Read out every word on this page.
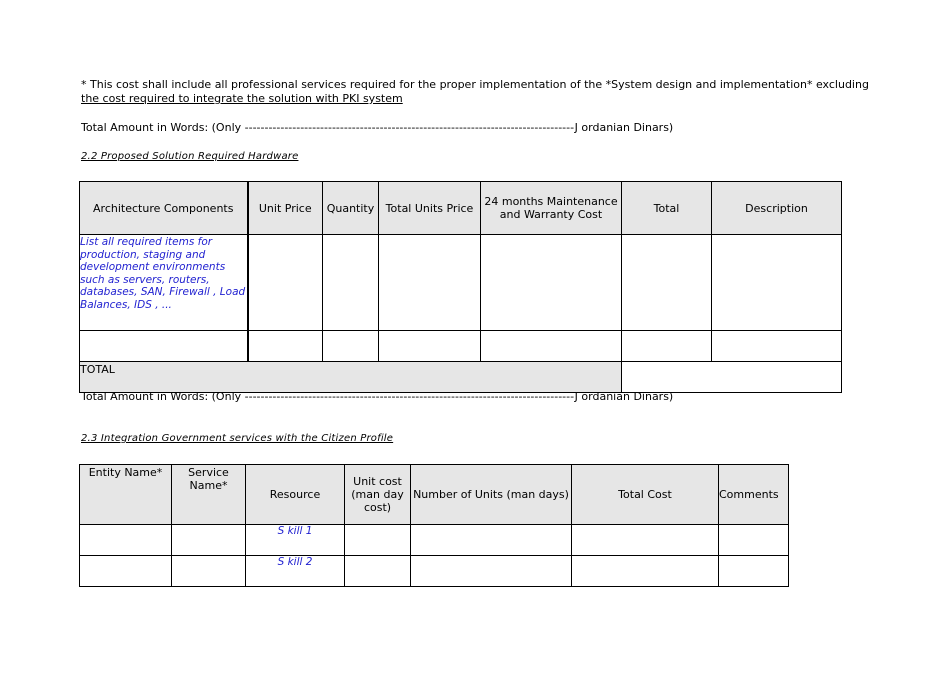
* This cost shall include all professional services required for the proper implementation of the *System design and implementation* excluding
the cost required to integrate the solution with PKI system
Total Amount in Words: (Only -----------------------------------------------------------------------------------J ordanian Dinars)
2.2 Proposed Solution Required Hardware
Architecture Components	Unit Price	Quantity	Total Units Price	24 months Maintenance and Warranty Cost	Total	Description
List all required items for production, staging and development environments such as servers, routers, databases, SAN, Firewall , Load Balances, IDS , ...						

TOTAL						
Total Amount in Words: (Only -----------------------------------------------------------------------------------J ordanian Dinars)
2.3 Integration Government services with the Citizen Profile
Entity Name*	Service Name*	Resource	Unit cost (man day cost)	Number of Units (man days)	Total Cost	Comments
		S kill 1				
		S kill 2				
